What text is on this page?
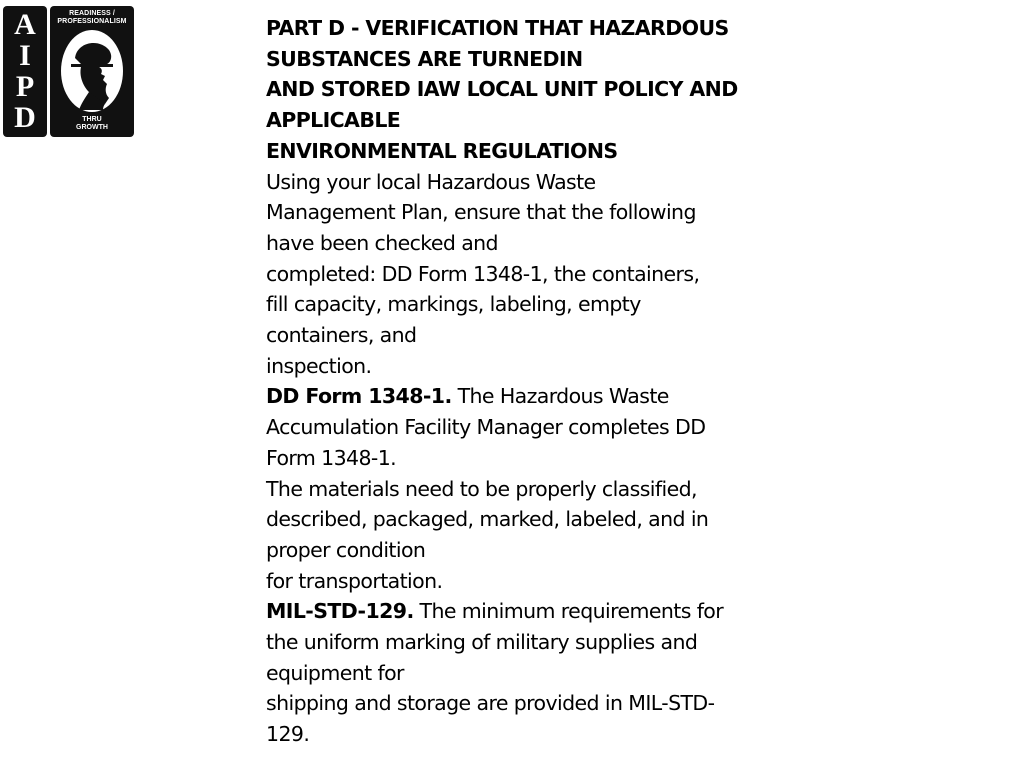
A
I
P
D
READINESS /
PROFESSIONALISM
THRU
GROWTH
PART D - VERIFICATION THAT HAZARDOUS
SUBSTANCES ARE TURNEDIN
AND STORED IAW LOCAL UNIT POLICY AND
APPLICABLE
ENVIRONMENTAL REGULATIONS
Using your local Hazardous Waste
Management Plan, ensure that the following
have been checked and
completed: DD Form 1348-1, the containers,
fill capacity, markings, labeling, empty
containers, and
inspection.
DD Form 1348-1. The Hazardous Waste
Accumulation Facility Manager completes DD
Form 1348-1.
The materials need to be properly classified,
described, packaged, marked, labeled, and in
proper condition
for transportation.
MIL-STD-129. The minimum requirements for
the uniform marking of military supplies and
equipment for
shipping and storage are provided in MIL-STD-
129.
